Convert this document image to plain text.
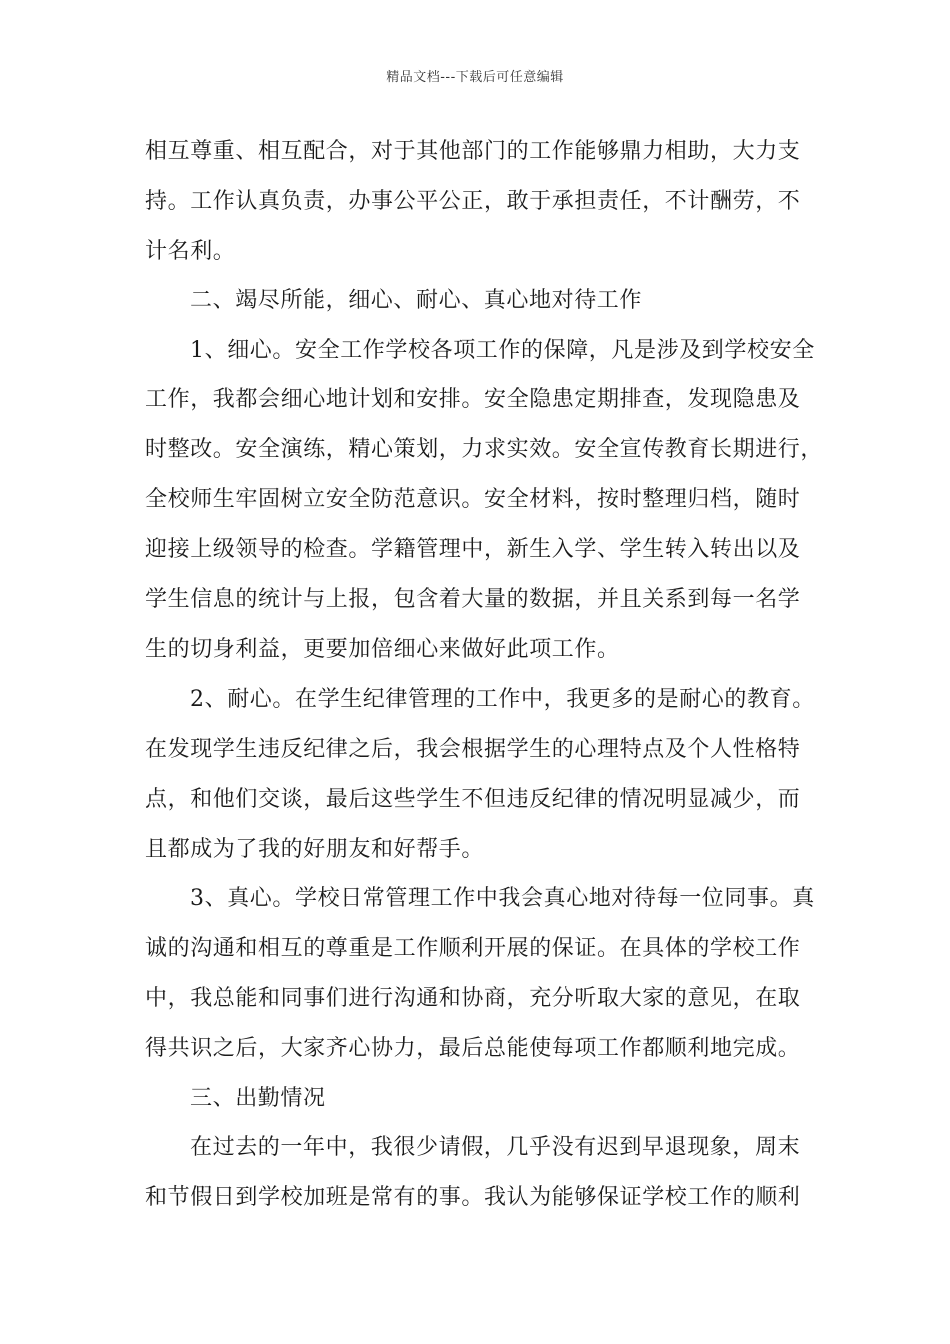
精品文档---下载后可任意编辑
相互尊重、相互配合，对于其他部门的工作能够鼎力相助，大力支
持。工作认真负责，办事公平公正，敢于承担责任，不计酬劳，不
计名利。
二、竭尽所能，细心、耐心、真心地对待工作
1、细心。安全工作学校各项工作的保障，凡是涉及到学校安全
工作，我都会细心地计划和安排。安全隐患定期排查，发现隐患及
时整改。安全演练，精心策划，力求实效。安全宣传教育长期进行，
全校师生牢固树立安全防范意识。安全材料，按时整理归档，随时
迎接上级领导的检查。学籍管理中，新生入学、学生转入转出以及
学生信息的统计与上报，包含着大量的数据，并且关系到每一名学
生的切身利益，更要加倍细心来做好此项工作。
2、耐心。在学生纪律管理的工作中，我更多的是耐心的教育。
在发现学生违反纪律之后，我会根据学生的心理特点及个人性格特
点，和他们交谈，最后这些学生不但违反纪律的情况明显减少，而
且都成为了我的好朋友和好帮手。
3、真心。学校日常管理工作中我会真心地对待每一位同事。真
诚的沟通和相互的尊重是工作顺利开展的保证。在具体的学校工作
中，我总能和同事们进行沟通和协商，充分听取大家的意见，在取
得共识之后，大家齐心协力，最后总能使每项工作都顺利地完成。
三、出勤情况
在过去的一年中，我很少请假，几乎没有迟到早退现象，周末
和节假日到学校加班是常有的事。我认为能够保证学校工作的顺利
